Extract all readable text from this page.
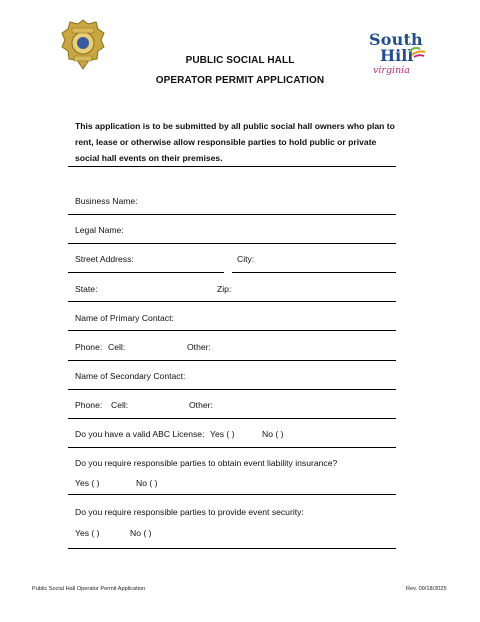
South
Hill
virginia
PUBLIC SOCIAL HALL
OPERATOR PERMIT APPLICATION
This application is to be submitted by all public social hall owners who plan to rent, lease or otherwise allow responsible parties to hold public or private social hall events on their premises.
Business Name:
Legal Name:
Street Address:	City:
State:	Zip:
Name of Primary Contact:
Phone: Cell:	Other:
Name of Secondary Contact:
Phone: Cell:	Other:
Do you have a valid ABC License: Yes ( )	No ( )
Do you require responsible parties to obtain event liability insurance?
Yes ( )	No ( )
Do you require responsible parties to provide event security:
Yes ( )	No ( )
Public Social Hall Operator Permit Application	Rev. 09/18/2025
